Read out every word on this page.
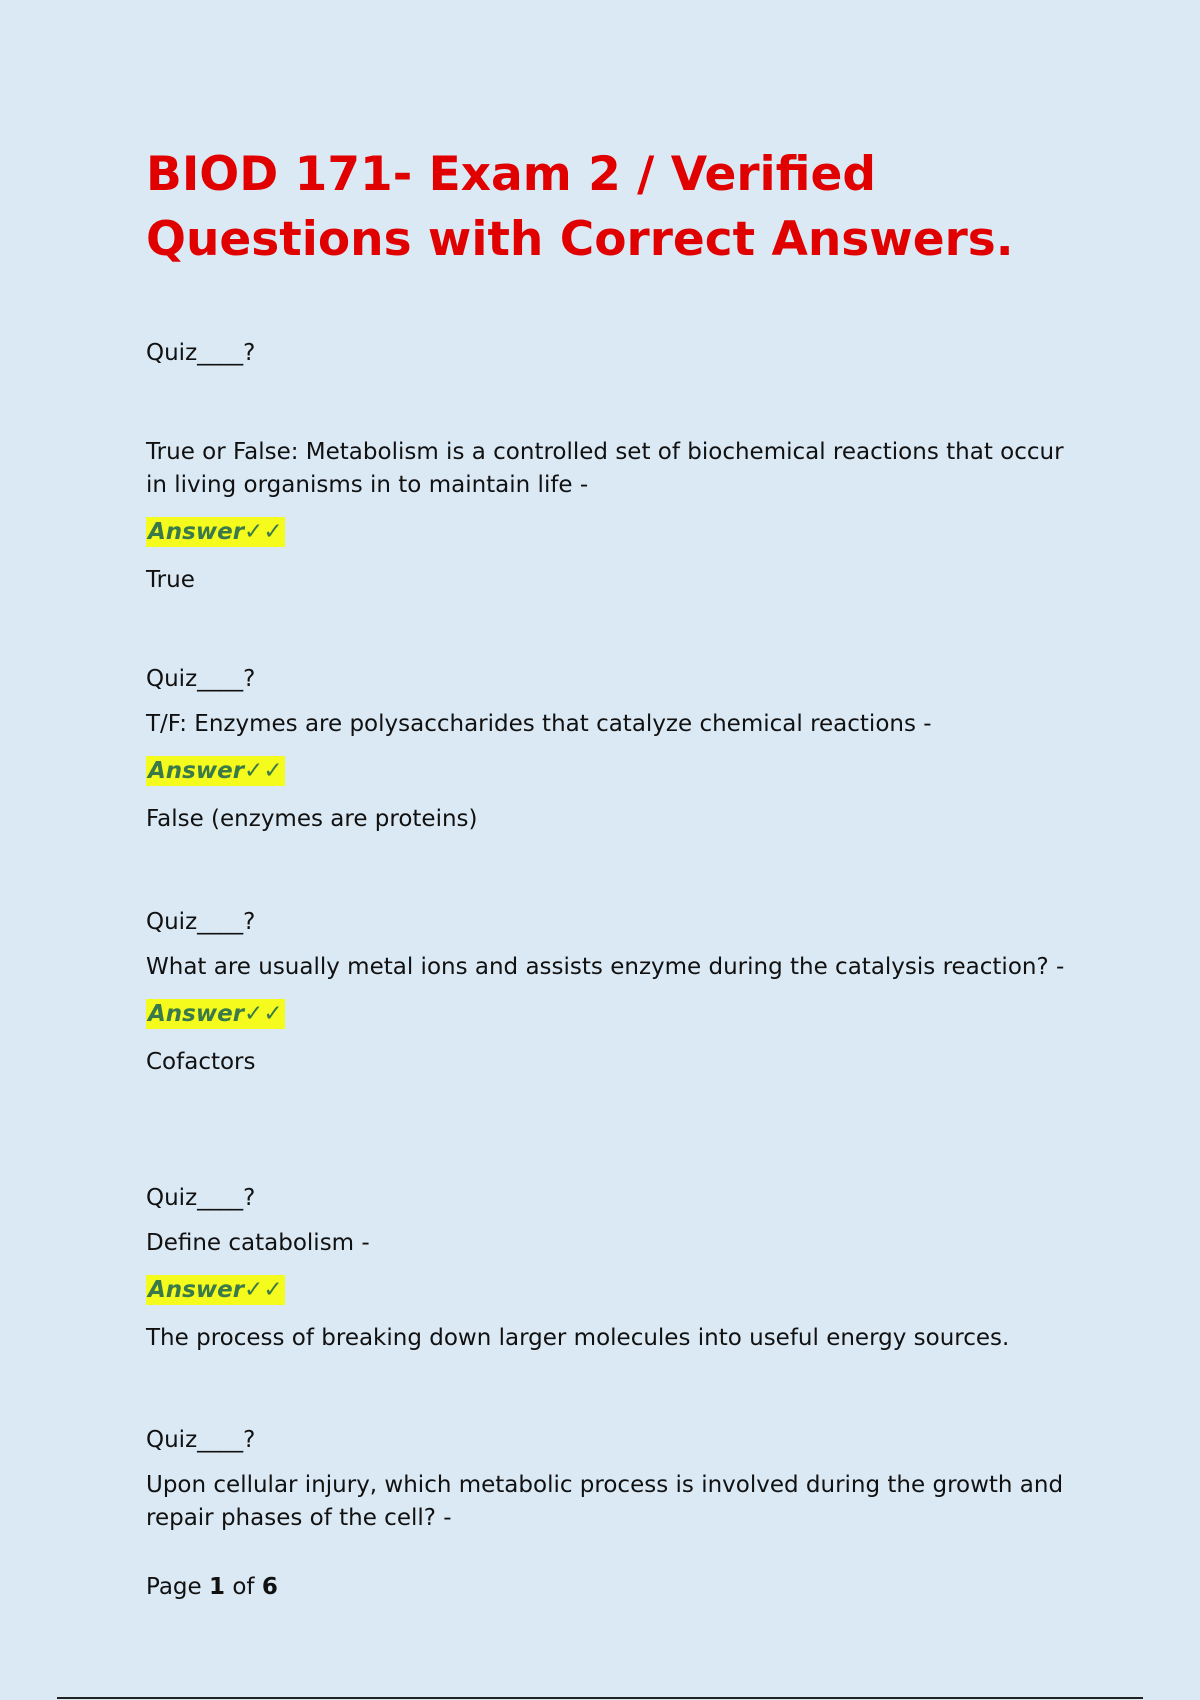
BIOD 171- Exam 2 / Verified Questions with Correct Answers.

Quiz____?

True or False: Metabolism is a controlled set of biochemical reactions that occur in living organisms in to maintain life -

Answer✓✓

True

Quiz____?

T/F: Enzymes are polysaccharides that catalyze chemical reactions -

Answer✓✓

False (enzymes are proteins)

Quiz____?

What are usually metal ions and assists enzyme during the catalysis reaction? -

Answer✓✓

Cofactors

Quiz____?

Define catabolism -

Answer✓✓

The process of breaking down larger molecules into useful energy sources.

Quiz____?

Upon cellular injury, which metabolic process is involved during the growth and repair phases of the cell? -

Page 1 of 6
